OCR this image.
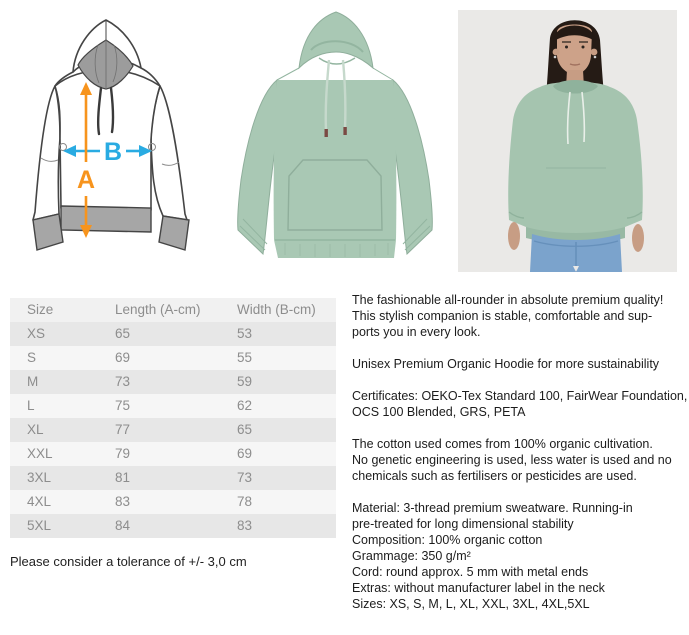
B
A
Size	Length (A-cm)	Width (B-cm)
XS	65	53
S	69	55
M	73	59
L	75	62
XL	77	65
XXL	79	69
3XL	81	73
4XL	83	78
5XL	84	83
Please consider a tolerance of +/- 3,0 cm
The fashionable all-rounder in absolute premium quality!
This stylish companion is stable, comfortable and sup-
ports you in every look.
Unisex Premium Organic Hoodie for more sustainability
Certificates: OEKO-Tex Standard 100, FairWear Foundation,
OCS 100 Blended, GRS, PETA
The cotton used comes from 100% organic cultivation.
No genetic engineering is used, less water is used and no
chemicals such as fertilisers or pesticides are used.
Material: 3-thread premium sweatware. Running-in
pre-treated for long dimensional stability
Composition: 100% organic cotton
Grammage: 350 g/m²
Cord: round approx. 5 mm with metal ends
Extras: without manufacturer label in the neck
Sizes: XS, S, M, L, XL, XXL, 3XL, 4XL,5XL
